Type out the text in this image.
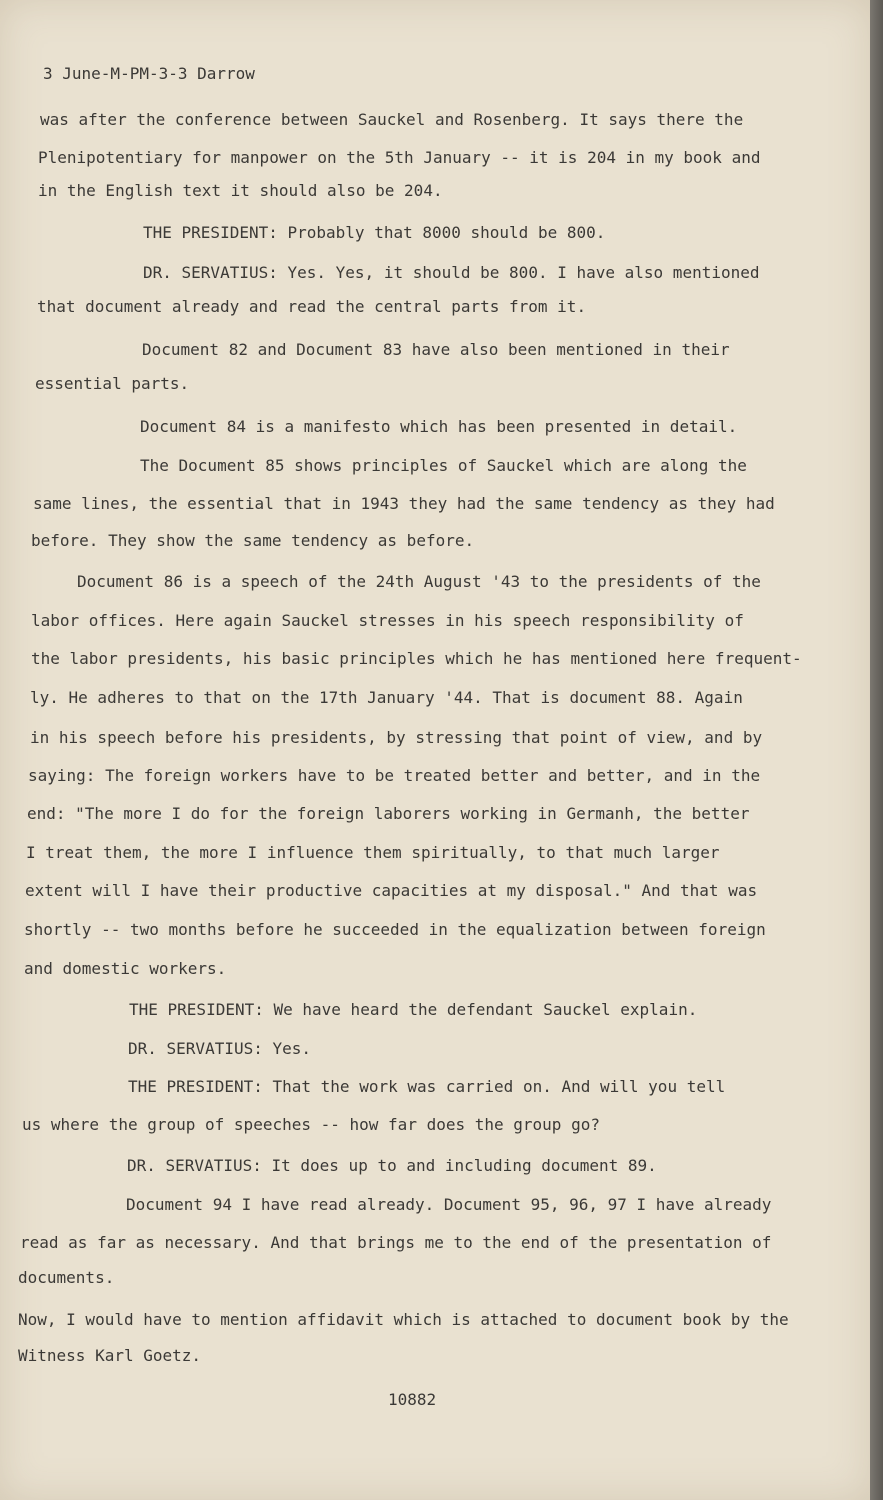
3 June-M-PM-3-3 Darrow
was after the conference between Sauckel and Rosenberg. It says there the
Plenipotentiary for manpower on the 5th January -- it is 204 in my book and
in the English text it should also be 204.
THE PRESIDENT: Probably that 8000 should be 800.
DR. SERVATIUS: Yes. Yes, it should be 800. I have also mentioned
that document already and read the central parts from it.
Document 82 and Document 83 have also been mentioned in their
essential parts.
Document 84 is a manifesto which has been presented in detail.
The Document 85 shows principles of Sauckel which are along the
same lines, the essential that in 1943 they had the same tendency as they had
before. They show the same tendency as before.
Document 86 is a speech of the 24th August '43 to the presidents of the
labor offices. Here again Sauckel stresses in his speech responsibility of
the labor presidents, his basic principles which he has mentioned here frequent-
ly. He adheres to that on the 17th January '44. That is document 88. Again
in his speech before his presidents, by stressing that point of view, and by
saying: The foreign workers have to be treated better and better, and in the
end: "The more I do for the foreign laborers working in Germanh, the better
I treat them, the more I influence them spiritually, to that much larger
extent will I have their productive capacities at my disposal." And that was
shortly -- two months before he succeeded in the equalization between foreign
and domestic workers.
THE PRESIDENT: We have heard the defendant Sauckel explain.
DR. SERVATIUS: Yes.
THE PRESIDENT: That the work was carried on. And will you tell
us where the group of speeches -- how far does the group go?
DR. SERVATIUS: It does up to and including document 89.
Document 94 I have read already. Document 95, 96, 97 I have already
read as far as necessary. And that brings me to the end of the presentation of
documents.
Now, I would have to mention affidavit which is attached to document book by the
Witness Karl Goetz.
10882
